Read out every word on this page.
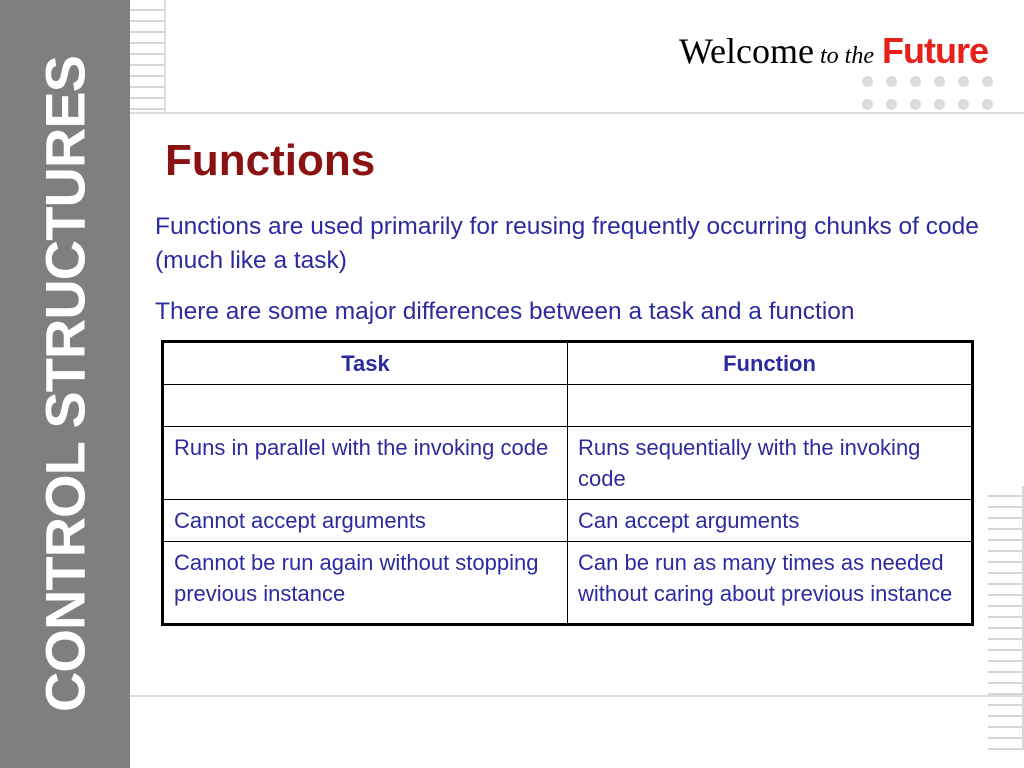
CONTROL STRUCTURES
Welcome to the Future
Functions

Functions are used primarily for reusing frequently occurring chunks of code (much like a task)

There are some major differences between a task and a function

Task	Function

Runs in parallel with the invoking code	Runs sequentially with the invoking code
Cannot accept arguments	Can accept arguments
Cannot be run again without stopping previous instance	Can be run as many times as needed without caring about previous instance
